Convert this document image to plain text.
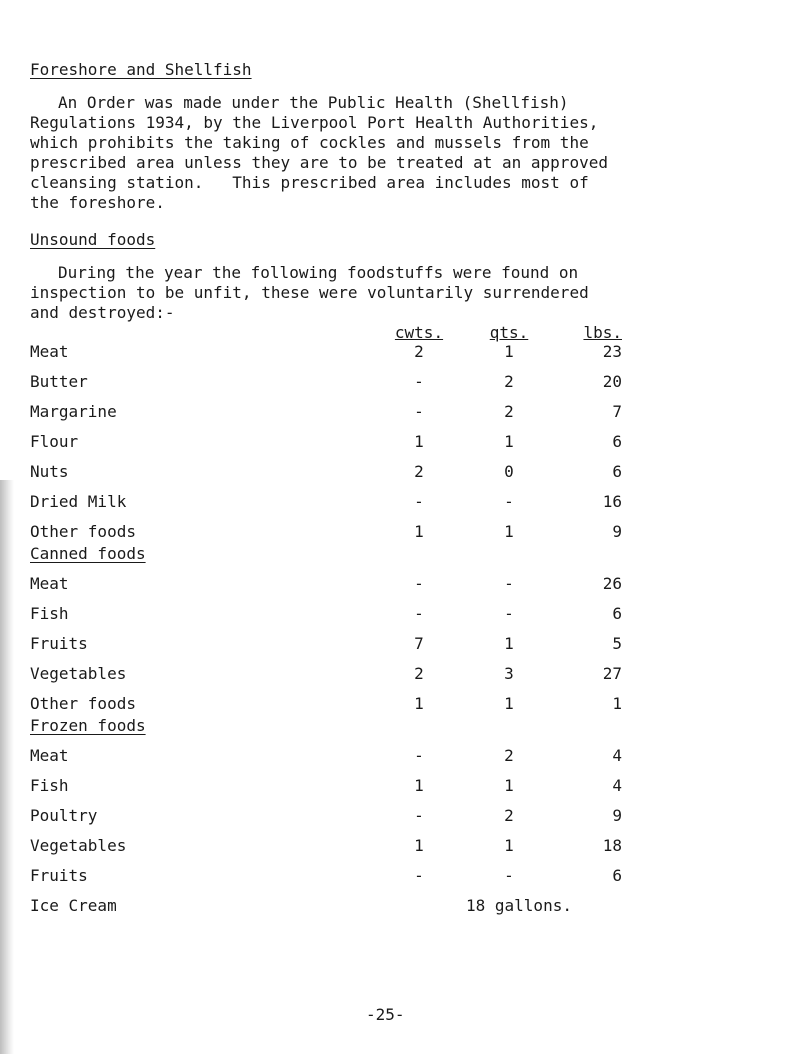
Foreshore and Shellfish
An Order was made under the Public Health (Shellfish)
Regulations 1934, by the Liverpool Port Health Authorities,
which prohibits the taking of cockles and mussels from the
prescribed area unless they are to be treated at an approved
cleansing station.   This prescribed area includes most of
the foreshore.
Unsound foods
During the year the following foodstuffs were found on
inspection to be unfit, these were voluntarily surrendered
and destroyed:-
cwts.	qts.	lbs.
Meat	2	1	23
Butter	-	2	20
Margarine	-	2	7
Flour	1	1	6
Nuts	2	0	6
Dried Milk	-	-	16
Other foods	1	1	9
Canned foods
Meat	-	-	26
Fish	-	-	6
Fruits	7	1	5
Vegetables	2	3	27
Other foods	1	1	1
Frozen foods
Meat	-	2	4
Fish	1	1	4
Poultry	-	2	9
Vegetables	1	1	18
Fruits	-	-	6
Ice Cream	18 gallons.
-25-
